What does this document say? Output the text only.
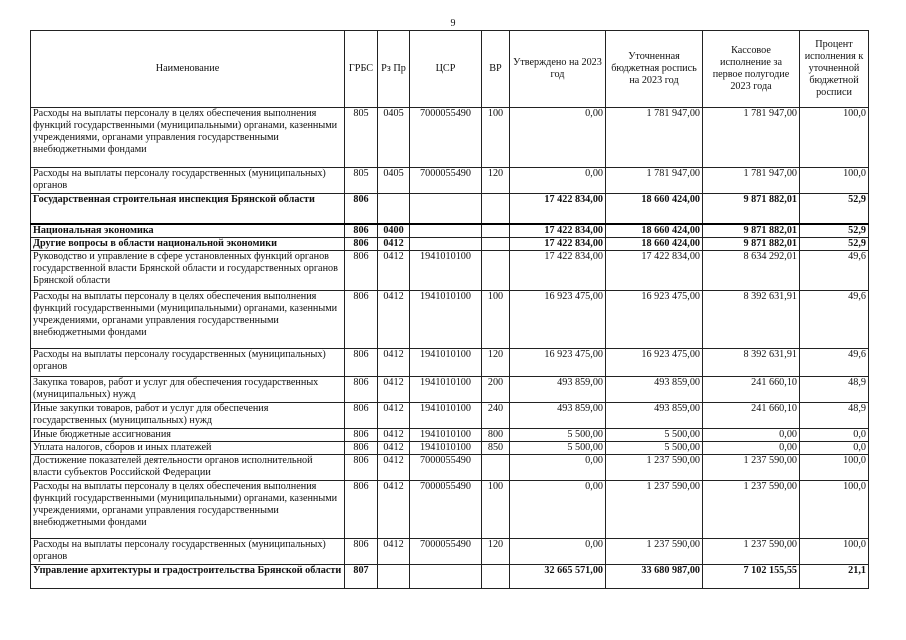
9
Наименование	ГРБС	Рз Пр	ЦСР	ВР	Утверждено на 2023 год	Уточненная бюджетная роспись на 2023 год	Кассовое исполнение за первое полугодие 2023 года	Процент исполнения к уточненной бюджетной росписи
Расходы на выплаты персоналу в целях обеспечения выполнения функций государственными (муниципальными) органами, казенными учреждениями, органами управления государственными внебюджетными фондами	805	0405	7000055490	100	0,00	1 781 947,00	1 781 947,00	100,0
Расходы на выплаты персоналу государственных (муниципальных) органов	805	0405	7000055490	120	0,00	1 781 947,00	1 781 947,00	100,0
Государственная строительная инспекция Брянской области	806				17 422 834,00	18 660 424,00	9 871 882,01	52,9
Национальная экономика	806	0400			17 422 834,00	18 660 424,00	9 871 882,01	52,9
Другие вопросы в области национальной экономики	806	0412			17 422 834,00	18 660 424,00	9 871 882,01	52,9
Руководство и управление в сфере установленных функций органов государственной власти Брянской области и государственных органов Брянской области	806	0412	1941010100		17 422 834,00	17 422 834,00	8 634 292,01	49,6
Расходы на выплаты персоналу в целях обеспечения выполнения функций государственными (муниципальными) органами, казенными учреждениями, органами управления государственными внебюджетными фондами	806	0412	1941010100	100	16 923 475,00	16 923 475,00	8 392 631,91	49,6
Расходы на выплаты персоналу государственных (муниципальных) органов	806	0412	1941010100	120	16 923 475,00	16 923 475,00	8 392 631,91	49,6
Закупка товаров, работ и услуг для обеспечения государственных (муниципальных) нужд	806	0412	1941010100	200	493 859,00	493 859,00	241 660,10	48,9
Иные закупки товаров, работ и услуг для обеспечения государственных (муниципальных) нужд	806	0412	1941010100	240	493 859,00	493 859,00	241 660,10	48,9
Иные бюджетные ассигнования	806	0412	1941010100	800	5 500,00	5 500,00	0,00	0,0
Уплата налогов, сборов и иных платежей	806	0412	1941010100	850	5 500,00	5 500,00	0,00	0,0
Достижение показателей деятельности органов исполнительной власти субъектов Российской Федерации	806	0412	7000055490		0,00	1 237 590,00	1 237 590,00	100,0
Расходы на выплаты персоналу в целях обеспечения выполнения функций государственными (муниципальными) органами, казенными учреждениями, органами управления государственными внебюджетными фондами	806	0412	7000055490	100	0,00	1 237 590,00	1 237 590,00	100,0
Расходы на выплаты персоналу государственных (муниципальных) органов	806	0412	7000055490	120	0,00	1 237 590,00	1 237 590,00	100,0
Управление архитектуры и градостроительства Брянской области	807				32 665 571,00	33 680 987,00	7 102 155,55	21,1
